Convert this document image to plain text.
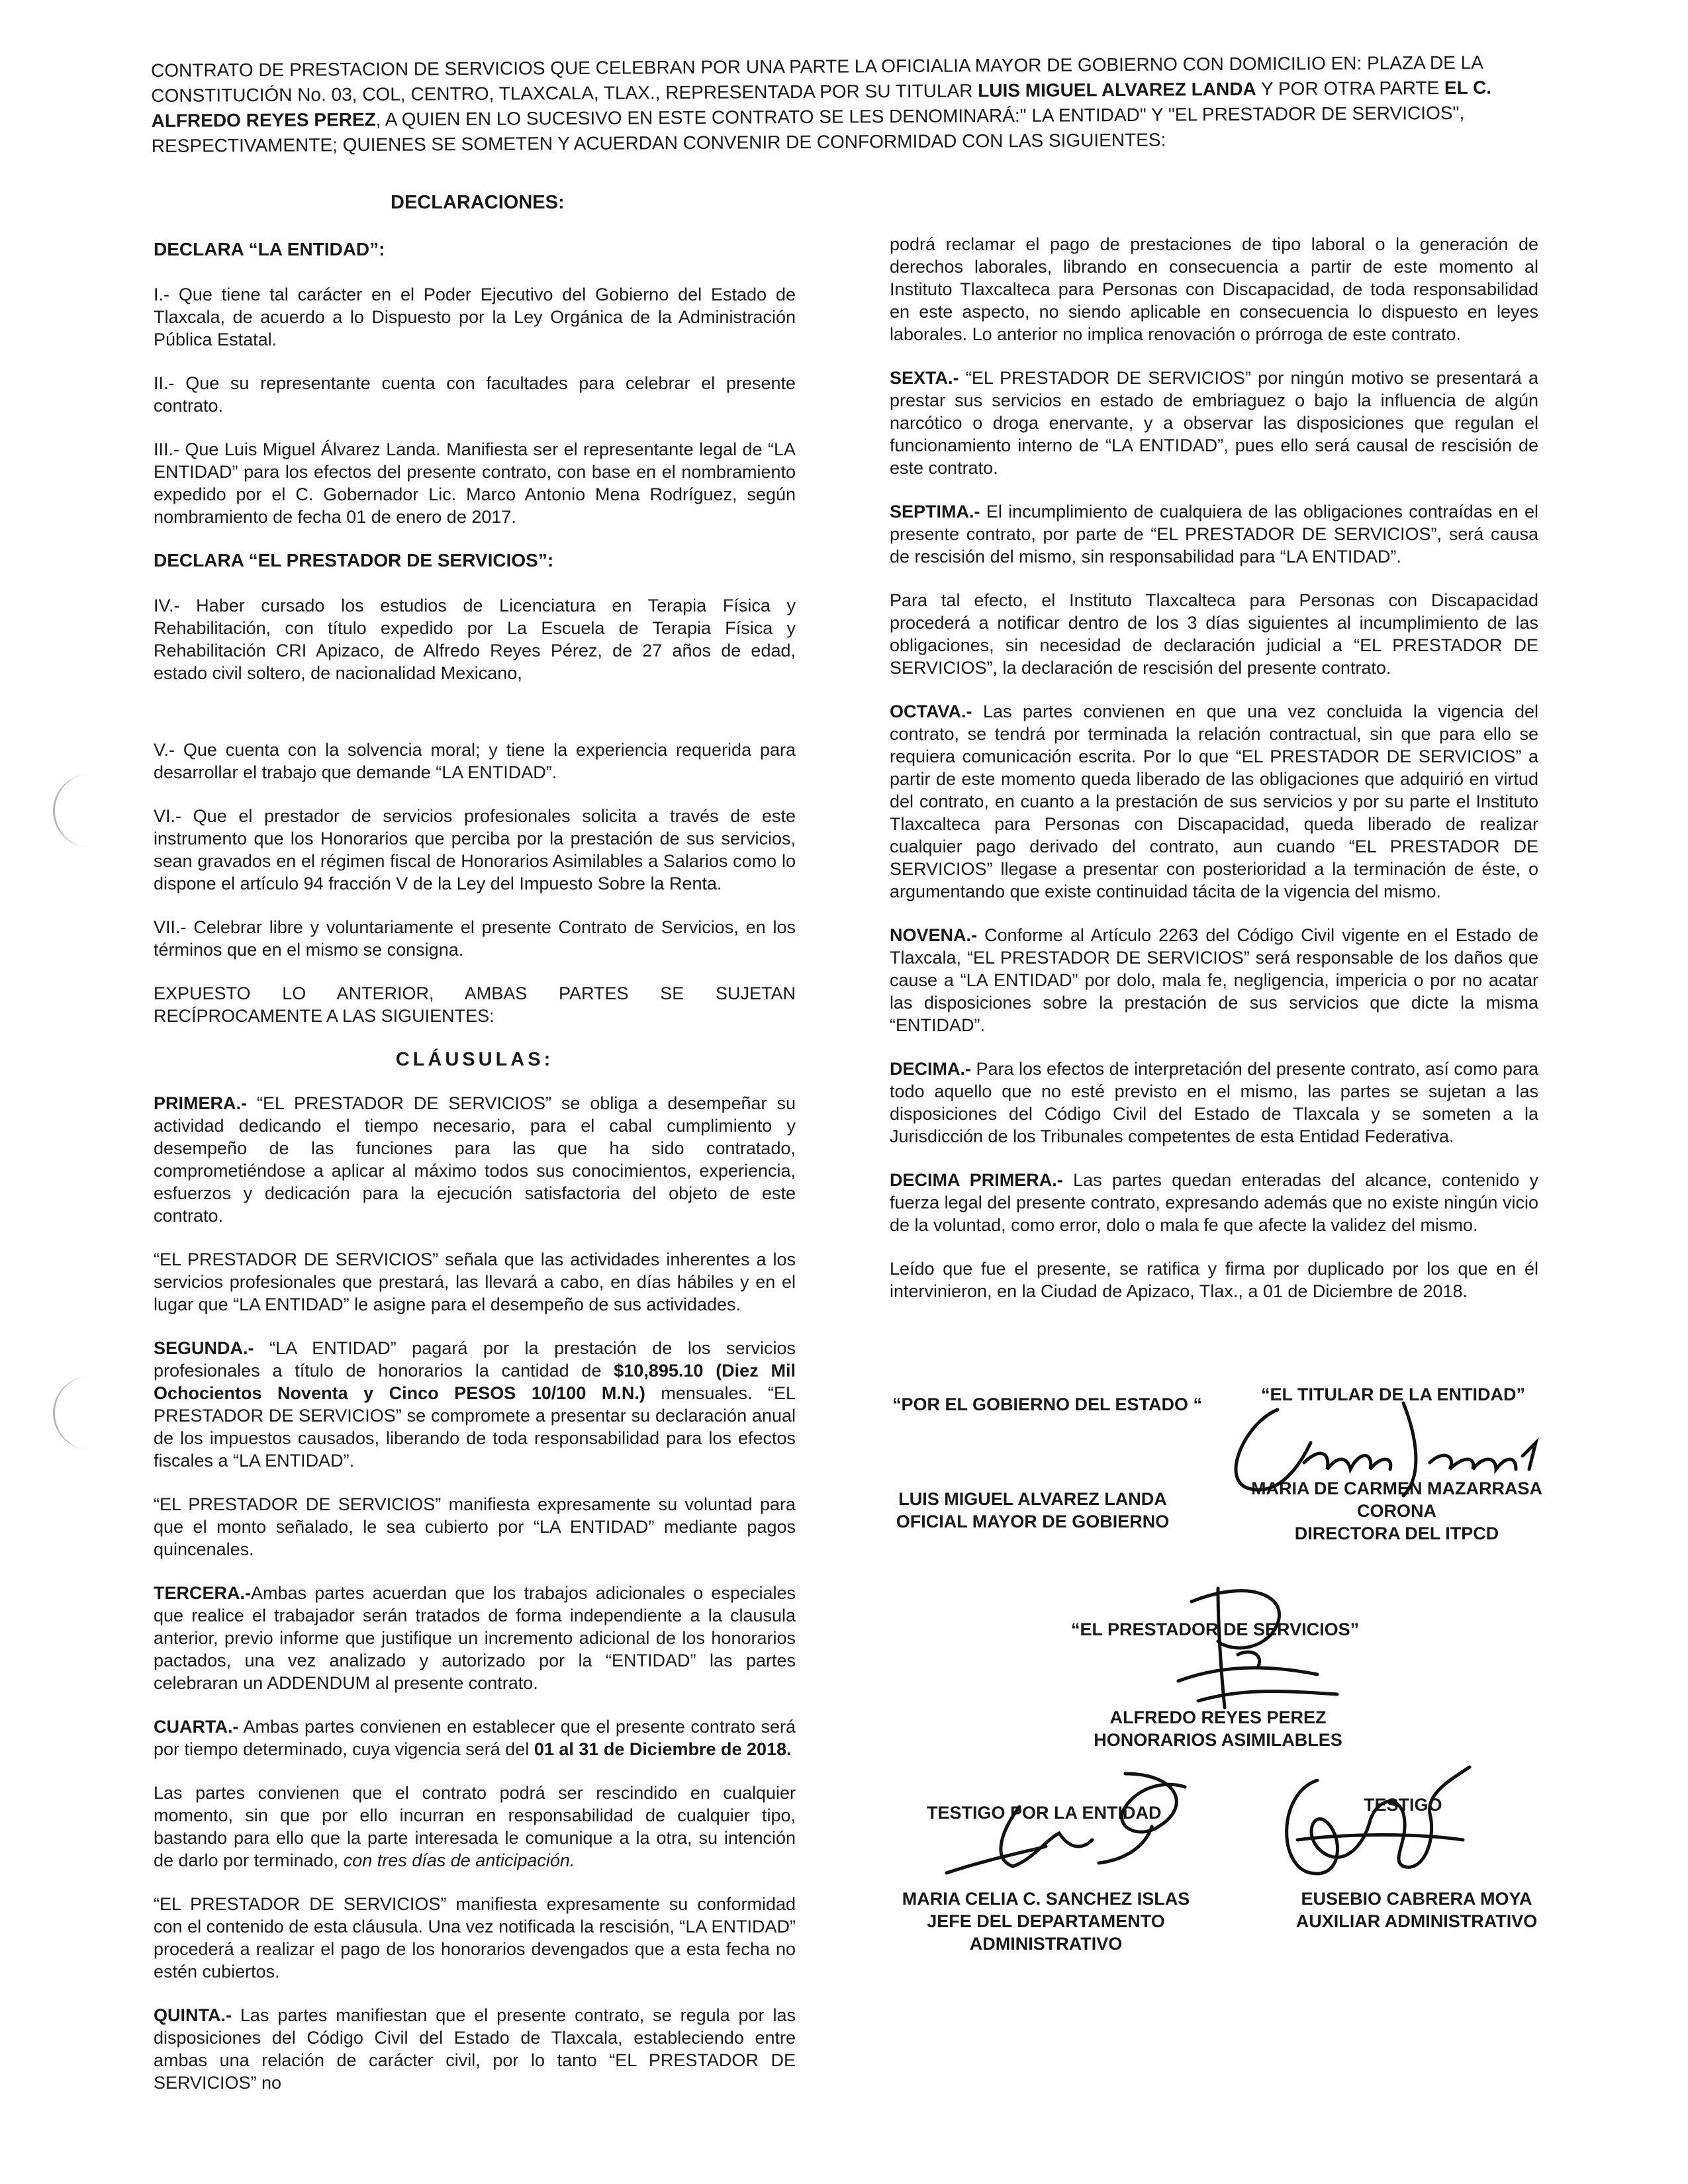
CONTRATO DE PRESTACION DE SERVICIOS QUE CELEBRAN POR UNA PARTE LA OFICIALIA MAYOR DE GOBIERNO CON DOMICILIO EN: PLAZA DE LA CONSTITUCIÓN No. 03, COL, CENTRO, TLAXCALA, TLAX., REPRESENTADA POR SU TITULAR LUIS MIGUEL ALVAREZ LANDA Y POR OTRA PARTE EL C. ALFREDO REYES PEREZ, A QUIEN EN LO SUCESIVO EN ESTE CONTRATO SE LES DENOMINARÁ:" LA ENTIDAD" Y "EL PRESTADOR DE SERVICIOS", RESPECTIVAMENTE; QUIENES SE SOMETEN Y ACUERDAN CONVENIR DE CONFORMIDAD CON LAS SIGUIENTES:
DECLARACIONES:
DECLARA “LA ENTIDAD”:

I.- Que tiene tal carácter en el Poder Ejecutivo del Gobierno del Estado de Tlaxcala, de acuerdo a lo Dispuesto por la Ley Orgánica de la Administración Pública Estatal.

II.- Que su representante cuenta con facultades para celebrar el presente contrato.

III.- Que Luis Miguel Álvarez Landa. Manifiesta ser el representante legal de “LA ENTIDAD” para los efectos del presente contrato, con base en el nombramiento expedido por el C. Gobernador Lic. Marco Antonio Mena Rodríguez, según nombramiento de fecha 01 de enero de 2017.

DECLARA “EL PRESTADOR DE SERVICIOS”:

IV.- Haber cursado los estudios de Licenciatura en Terapia Física y Rehabilitación, con título expedido por La Escuela de Terapia Física y Rehabilitación CRI Apizaco, de Alfredo Reyes Pérez, de 27 años de edad, estado civil soltero, de nacionalidad Mexicano,

V.- Que cuenta con la solvencia moral; y tiene la experiencia requerida para desarrollar el trabajo que demande “LA ENTIDAD”.

VI.- Que el prestador de servicios profesionales solicita a través de este instrumento que los Honorarios que perciba por la prestación de sus servicios, sean gravados en el régimen fiscal de Honorarios Asimilables a Salarios como lo dispone el artículo 94 fracción V de la Ley del Impuesto Sobre la Renta.

VII.- Celebrar libre y voluntariamente el presente Contrato de Servicios, en los términos que en el mismo se consigna.

EXPUESTO LO ANTERIOR, AMBAS PARTES SE SUJETAN RECÍPROCAMENTE A LAS SIGUIENTES:

CLÁUSULAS:

PRIMERA.- “EL PRESTADOR DE SERVICIOS” se obliga a desempeñar su actividad dedicando el tiempo necesario, para el cabal cumplimiento y desempeño de las funciones para las que ha sido contratado, comprometiéndose a aplicar al máximo todos sus conocimientos, experiencia, esfuerzos y dedicación para la ejecución satisfactoria del objeto de este contrato.

“EL PRESTADOR DE SERVICIOS” señala que las actividades inherentes a los servicios profesionales que prestará, las llevará a cabo, en días hábiles y en el lugar que “LA ENTIDAD” le asigne para el desempeño de sus actividades.

SEGUNDA.- “LA ENTIDAD” pagará por la prestación de los servicios profesionales a título de honorarios la cantidad de $10,895.10 (Diez Mil Ochocientos Noventa y Cinco PESOS 10/100 M.N.) mensuales. “EL PRESTADOR DE SERVICIOS” se compromete a presentar su declaración anual de los impuestos causados, liberando de toda responsabilidad para los efectos fiscales a “LA ENTIDAD”.

“EL PRESTADOR DE SERVICIOS” manifiesta expresamente su voluntad para que el monto señalado, le sea cubierto por “LA ENTIDAD” mediante pagos quincenales.

TERCERA.-Ambas partes acuerdan que los trabajos adicionales o especiales que realice el trabajador serán tratados de forma independiente a la clausula anterior, previo informe que justifique un incremento adicional de los honorarios pactados, una vez analizado y autorizado por la “ENTIDAD” las partes celebraran un ADDENDUM al presente contrato.

CUARTA.- Ambas partes convienen en establecer que el presente contrato será por tiempo determinado, cuya vigencia será del 01 al 31 de Diciembre de 2018.

Las partes convienen que el contrato podrá ser rescindido en cualquier momento, sin que por ello incurran en responsabilidad de cualquier tipo, bastando para ello que la parte interesada le comunique a la otra, su intención de darlo por terminado, con tres días de anticipación.

“EL PRESTADOR DE SERVICIOS” manifiesta expresamente su conformidad con el contenido de esta cláusula. Una vez notificada la rescisión, “LA ENTIDAD” procederá a realizar el pago de los honorarios devengados que a esta fecha no estén cubiertos.

QUINTA.- Las partes manifiestan que el presente contrato, se regula por las disposiciones del Código Civil del Estado de Tlaxcala, estableciendo entre ambas una relación de carácter civil, por lo tanto “EL PRESTADOR DE SERVICIOS” no

podrá reclamar el pago de prestaciones de tipo laboral o la generación de derechos laborales, librando en consecuencia a partir de este momento al Instituto Tlaxcalteca para Personas con Discapacidad, de toda responsabilidad en este aspecto, no siendo aplicable en consecuencia lo dispuesto en leyes laborales. Lo anterior no implica renovación o prórroga de este contrato.

SEXTA.- “EL PRESTADOR DE SERVICIOS” por ningún motivo se presentará a prestar sus servicios en estado de embriaguez o bajo la influencia de algún narcótico o droga enervante, y a observar las disposiciones que regulan el funcionamiento interno de “LA ENTIDAD”, pues ello será causal de rescisión de este contrato.

SEPTIMA.- El incumplimiento de cualquiera de las obligaciones contraídas en el presente contrato, por parte de “EL PRESTADOR DE SERVICIOS”, será causa de rescisión del mismo, sin responsabilidad para “LA ENTIDAD”.

Para tal efecto, el Instituto Tlaxcalteca para Personas con Discapacidad procederá a notificar dentro de los 3 días siguientes al incumplimiento de las obligaciones, sin necesidad de declaración judicial a “EL PRESTADOR DE SERVICIOS”, la declaración de rescisión del presente contrato.

OCTAVA.- Las partes convienen en que una vez concluida la vigencia del contrato, se tendrá por terminada la relación contractual, sin que para ello se requiera comunicación escrita. Por lo que “EL PRESTADOR DE SERVICIOS” a partir de este momento queda liberado de las obligaciones que adquirió en virtud del contrato, en cuanto a la prestación de sus servicios y por su parte el Instituto Tlaxcalteca para Personas con Discapacidad, queda liberado de realizar cualquier pago derivado del contrato, aun cuando “EL PRESTADOR DE SERVICIOS” llegase a presentar con posterioridad a la terminación de éste, o argumentando que existe continuidad tácita de la vigencia del mismo.

NOVENA.- Conforme al Artículo 2263 del Código Civil vigente en el Estado de Tlaxcala, “EL PRESTADOR DE SERVICIOS” será responsable de los daños que cause a “LA ENTIDAD” por dolo, mala fe, negligencia, impericia o por no acatar las disposiciones sobre la prestación de sus servicios que dicte la misma “ENTIDAD”.

DECIMA.- Para los efectos de interpretación del presente contrato, así como para todo aquello que no esté previsto en el mismo, las partes se sujetan a las disposiciones del Código Civil del Estado de Tlaxcala y se someten a la Jurisdicción de los Tribunales competentes de esta Entidad Federativa.

DECIMA PRIMERA.- Las partes quedan enteradas del alcance, contenido y fuerza legal del presente contrato, expresando además que no existe ningún vicio de la voluntad, como error, dolo o mala fe que afecte la validez del mismo.

Leído que fue el presente, se ratifica y firma por duplicado por los que en él intervinieron, en la Ciudad de Apizaco, Tlax., a 01 de Diciembre de 2018.

“POR EL GOBIERNO DEL ESTADO “	“EL TITULAR DE LA ENTIDAD”
LUIS MIGUEL ALVAREZ LANDA
OFICIAL MAYOR DE GOBIERNO
MARIA DE CARMEN MAZARRASA
CORONA
DIRECTORA DEL ITPCD
“EL PRESTADOR DE SERVICIOS”
ALFREDO REYES PEREZ
HONORARIOS ASIMILABLES
TESTIGO POR LA ENTIDAD	TESTIGO
MARIA CELIA C. SANCHEZ ISLAS
JEFE DEL DEPARTAMENTO
ADMINISTRATIVO
EUSEBIO CABRERA MOYA
AUXILIAR ADMINISTRATIVO
